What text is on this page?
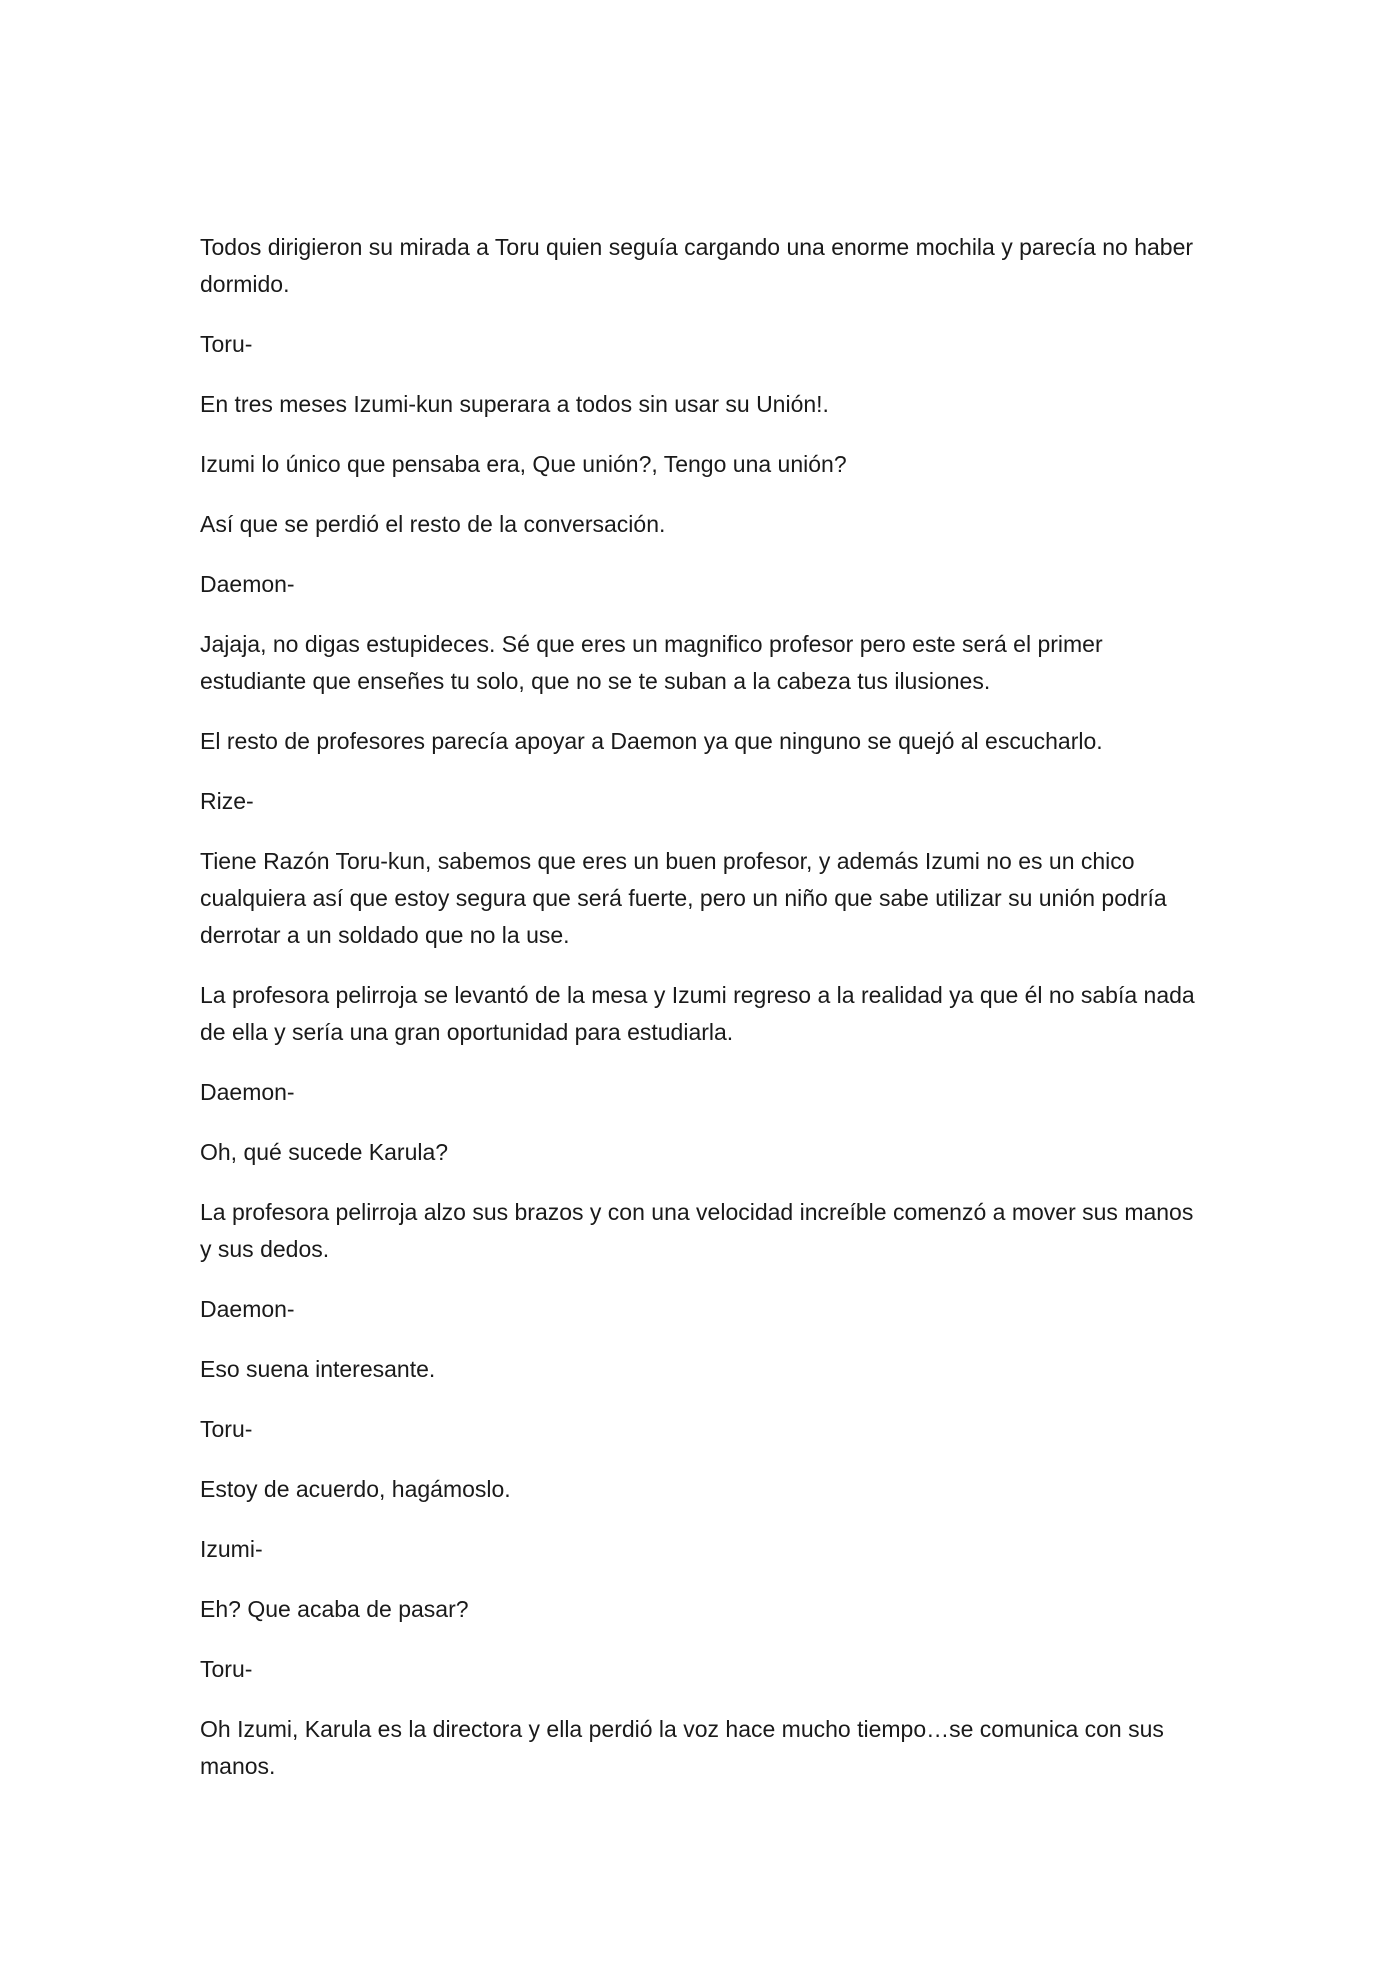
Todos dirigieron su mirada a Toru quien seguía cargando una enorme mochila y parecía no haber dormido.

Toru-

En tres meses Izumi-kun superara a todos sin usar su Unión!.

Izumi lo único que pensaba era, Que unión?, Tengo una unión?

Así que se perdió el resto de la conversación.

Daemon-

Jajaja, no digas estupideces. Sé que eres un magnifico profesor pero este será el primer estudiante que enseñes tu solo, que no se te suban a la cabeza tus ilusiones.

El resto de profesores parecía apoyar a Daemon ya que ninguno se quejó al escucharlo.

Rize-

Tiene Razón Toru-kun, sabemos que eres un buen profesor, y además Izumi no es un chico cualquiera así que estoy segura que será fuerte, pero un niño que sabe utilizar su unión podría derrotar a un soldado que no la use.

La profesora pelirroja se levantó de la mesa y Izumi regreso a la realidad ya que él no sabía nada de ella y sería una gran oportunidad para estudiarla.

Daemon-

Oh, qué sucede Karula?

La profesora pelirroja alzo sus brazos y con una velocidad increíble comenzó a mover sus manos y sus dedos.

Daemon-

Eso suena interesante.

Toru-

Estoy de acuerdo, hagámoslo.

Izumi-

Eh? Que acaba de pasar?

Toru-

Oh Izumi, Karula es la directora y ella perdió la voz hace mucho tiempo…se comunica con sus manos.
